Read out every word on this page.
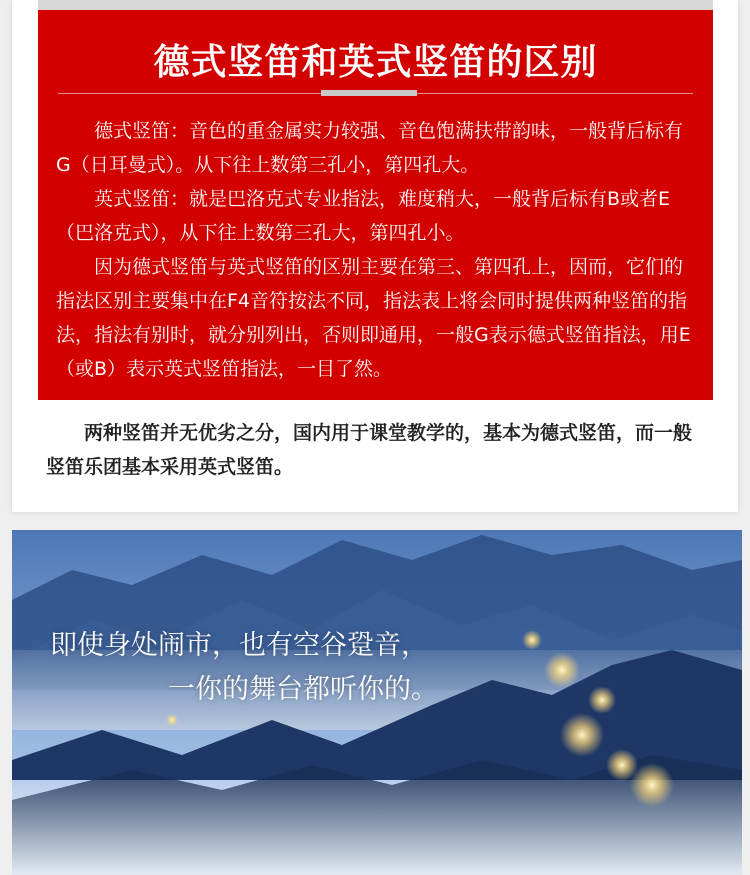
德式竖笛和英式竖笛的区别

德式竖笛：音色的重金属实力较强、音色饱满扶带韵味，一般背后标有G（日耳曼式）。从下往上数第三孔小，第四孔大。

英式竖笛：就是巴洛克式专业指法，难度稍大，一般背后标有B或者E（巴洛克式），从下往上数第三孔大，第四孔小。

因为德式竖笛与英式竖笛的区别主要在第三、第四孔上，因而，它们的指法区别主要集中在F4音符按法不同，指法表上将会同时提供两种竖笛的指法，指法有别时，就分别列出，否则即通用，一般G表示德式竖笛指法，用E（或B）表示英式竖笛指法，一目了然。

两种竖笛并无优劣之分，国内用于课堂教学的，基本为德式竖笛，而一般竖笛乐团基本采用英式竖笛。

即使身处闹市，也有空谷跫音，
一你的舞台都听你的。
